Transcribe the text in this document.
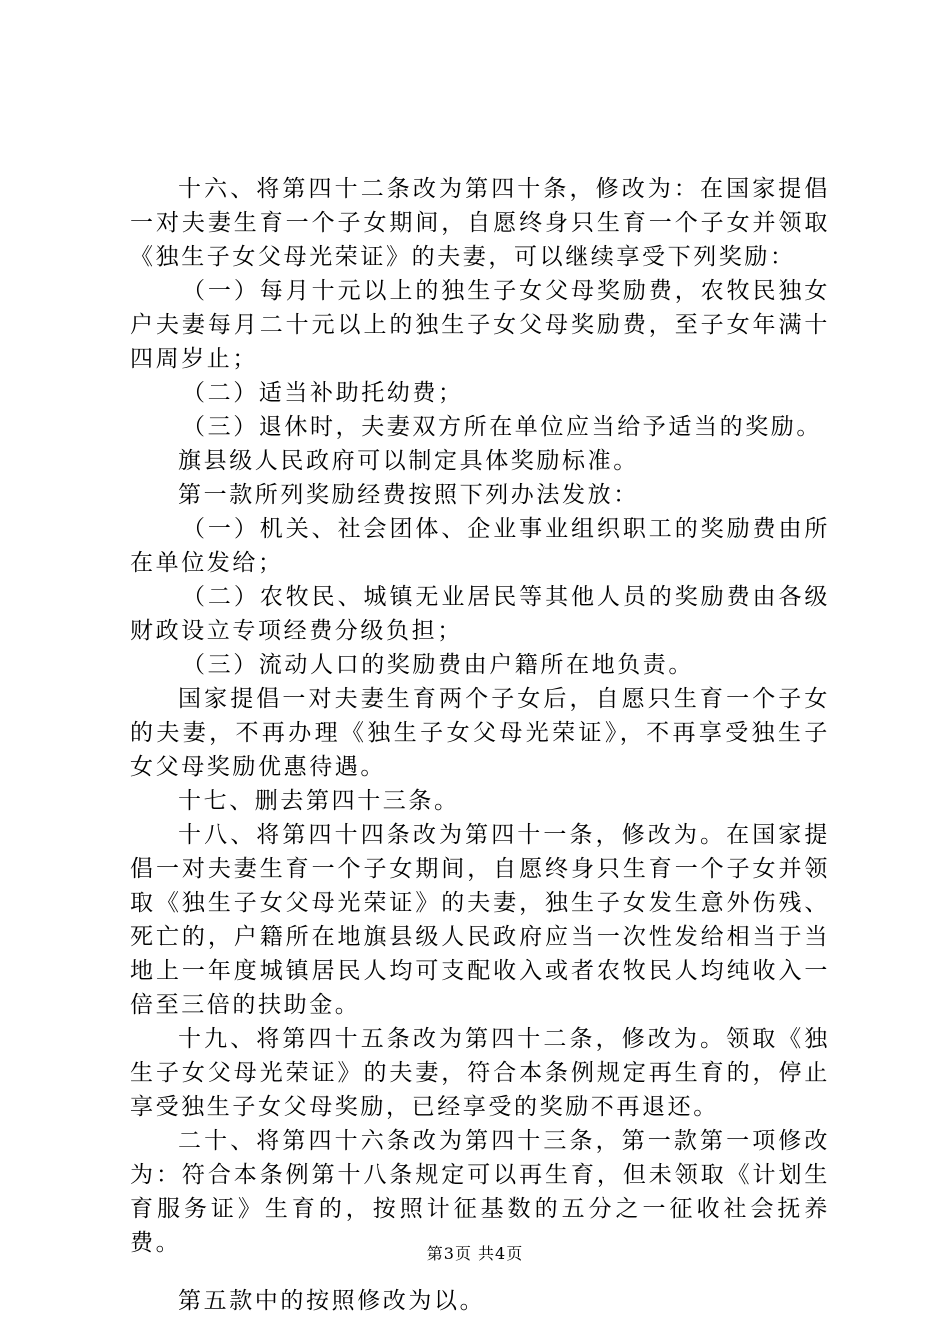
十六、将第四十二条改为第四十条，修改为：在国家提倡一对夫妻生育一个子女期间，自愿终身只生育一个子女并领取《独生子女父母光荣证》的夫妻，可以继续享受下列奖励：

（一）每月十元以上的独生子女父母奖励费，农牧民独女户夫妻每月二十元以上的独生子女父母奖励费，至子女年满十四周岁止；

（二）适当补助托幼费；

（三）退休时，夫妻双方所在单位应当给予适当的奖励。

旗县级人民政府可以制定具体奖励标准。

第一款所列奖励经费按照下列办法发放：

（一）机关、社会团体、企业事业组织职工的奖励费由所在单位发给；

（二）农牧民、城镇无业居民等其他人员的奖励费由各级财政设立专项经费分级负担；

（三）流动人口的奖励费由户籍所在地负责。

国家提倡一对夫妻生育两个子女后，自愿只生育一个子女的夫妻，不再办理《独生子女父母光荣证》，不再享受独生子女父母奖励优惠待遇。

十七、删去第四十三条。

十八、将第四十四条改为第四十一条，修改为。在国家提倡一对夫妻生育一个子女期间，自愿终身只生育一个子女并领取《独生子女父母光荣证》的夫妻，独生子女发生意外伤残、死亡的，户籍所在地旗县级人民政府应当一次性发给相当于当地上一年度城镇居民人均可支配收入或者农牧民人均纯收入一倍至三倍的扶助金。

十九、将第四十五条改为第四十二条，修改为。领取《独生子女父母光荣证》的夫妻，符合本条例规定再生育的，停止享受独生子女父母奖励，已经享受的奖励不再退还。

二十、将第四十六条改为第四十三条，第一款第一项修改为：符合本条例第十八条规定可以再生育，但未领取《计划生育服务证》生育的，按照计征基数的五分之一征收社会抚养费。

第五款中的按照修改为以。

第3页 共4页
